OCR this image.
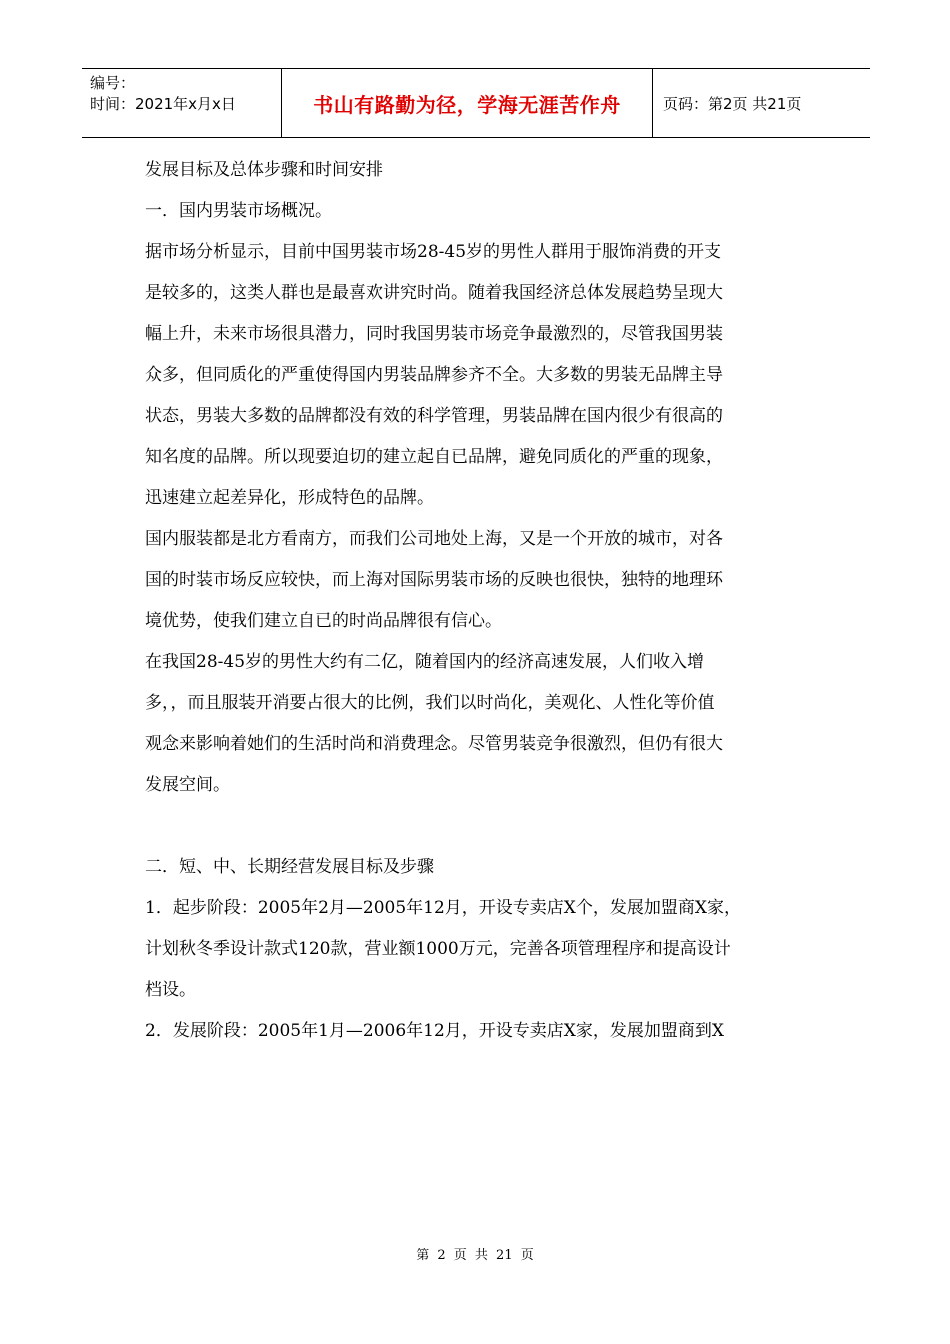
编号：
时间：2021年x月x日	书山有路勤为径，学海无涯苦作舟	页码：第2页 共21页

发展目标及总体步骤和时间安排

一．国内男装市场概况。

据市场分析显示，目前中国男装市场28-45岁的男性人群用于服饰消费的开支

是较多的，这类人群也是最喜欢讲究时尚。随着我国经济总体发展趋势呈现大

幅上升，未来市场很具潜力，同时我国男装市场竞争最激烈的，尽管我国男装

众多，但同质化的严重使得国内男装品牌参齐不全。大多数的男装无品牌主导

状态，男装大多数的品牌都没有效的科学管理，男装品牌在国内很少有很高的

知名度的品牌。所以现要迫切的建立起自已品牌，避免同质化的严重的现象，

迅速建立起差异化，形成特色的品牌。

国内服装都是北方看南方，而我们公司地处上海，又是一个开放的城市，对各

国的时装市场反应较快，而上海对国际男装市场的反映也很快，独特的地理环

境优势，使我们建立自已的时尚品牌很有信心。

在我国28-45岁的男性大约有二亿，随着国内的经济高速发展，人们收入增

多，，而且服装开消要占很大的比例，我们以时尚化，美观化、人性化等价值

观念来影响着她们的生活时尚和消费理念。尽管男装竞争很激烈，但仍有很大

发展空间。

二．短、中、长期经营发展目标及步骤

1．起步阶段：2005年2月—2005年12月，开设专卖店X个，发展加盟商X家，

计划秋冬季设计款式120款，营业额1000万元，完善各项管理程序和提高设计

档设。

2．发展阶段：2005年1月—2006年12月，开设专卖店X家，发展加盟商到X

第 2 页 共 21 页
